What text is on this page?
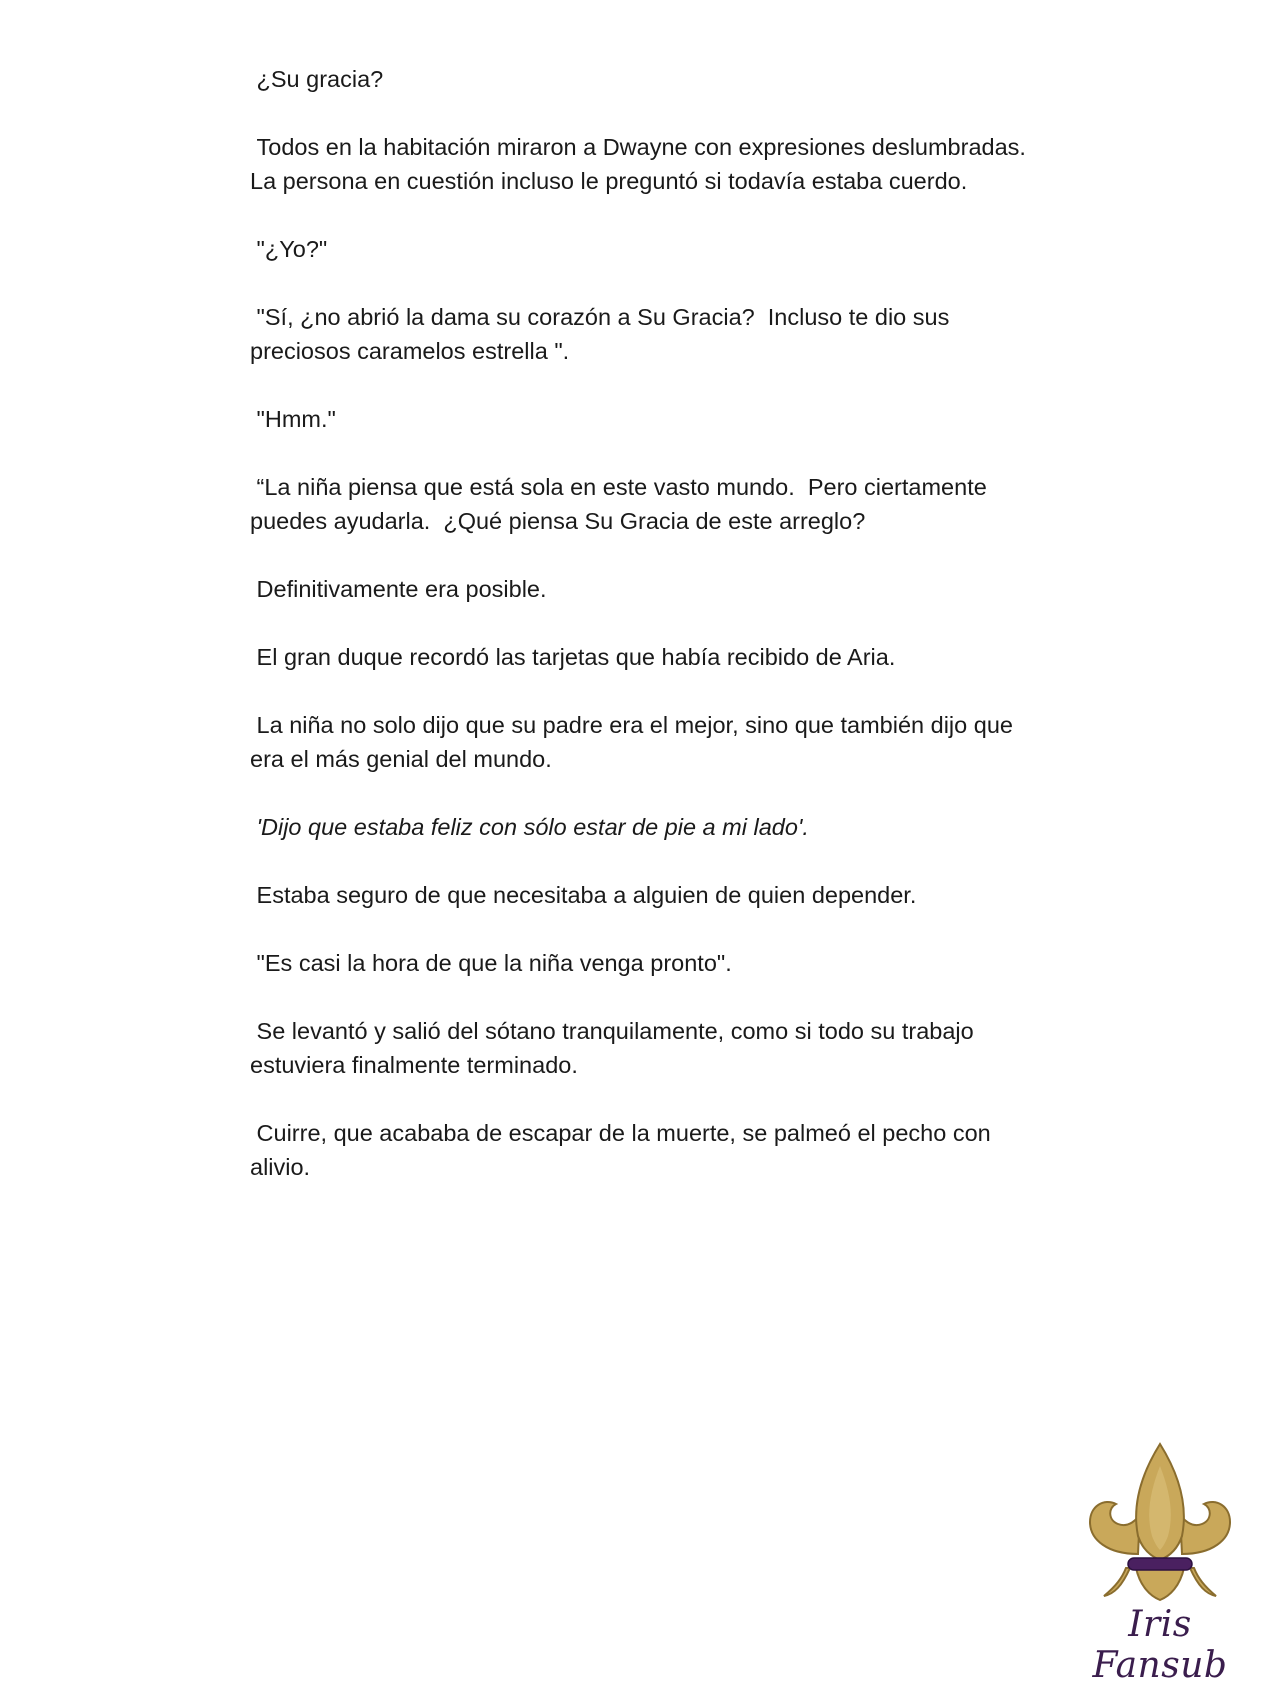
¿Su gracia?

Todos en la habitación miraron a Dwayne con expresiones deslumbradas.  La persona en cuestión incluso le preguntó si todavía estaba cuerdo.

"¿Yo?"

"Sí, ¿no abrió la dama su corazón a Su Gracia?  Incluso te dio sus preciosos caramelos estrella ".

"Hmm."

“La niña piensa que está sola en este vasto mundo.  Pero ciertamente puedes ayudarla.  ¿Qué piensa Su Gracia de este arreglo?

Definitivamente era posible.

El gran duque recordó las tarjetas que había recibido de Aria.

La niña no solo dijo que su padre era el mejor, sino que también dijo que era el más genial del mundo.

'Dijo que estaba feliz con sólo estar de pie a mi lado'.

Estaba seguro de que necesitaba a alguien de quien depender.

"Es casi la hora de que la niña venga pronto".

Se levantó y salió del sótano tranquilamente, como si todo su trabajo estuviera finalmente terminado.

Cuirre, que acababa de escapar de la muerte, se palmeó el pecho con alivio.

Iris Fansub
